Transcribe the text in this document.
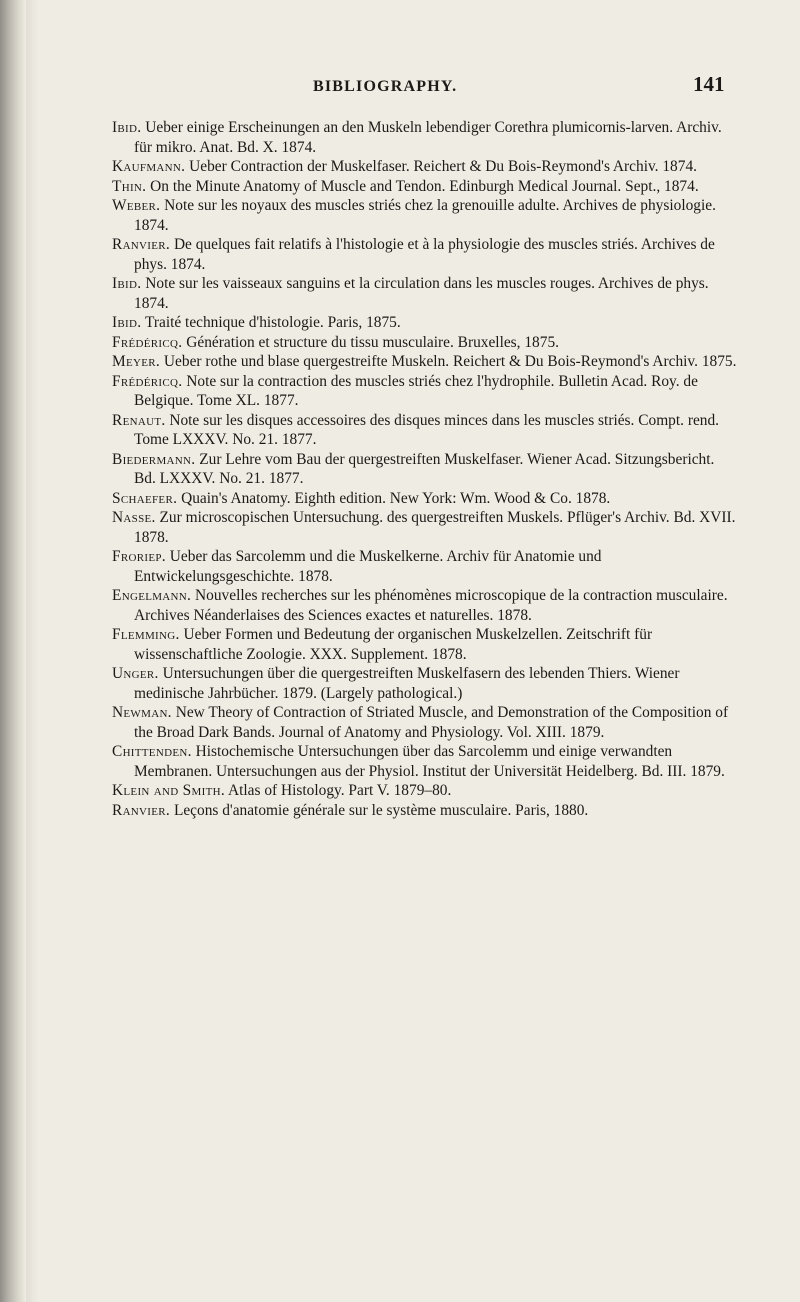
BIBLIOGRAPHY.	141

Ibid. Ueber einige Erscheinungen an den Muskeln lebendiger Corethra plumicornis-larven. Archiv. für mikro. Anat. Bd. X. 1874.

Kaufmann. Ueber Contraction der Muskelfaser. Reichert & Du Bois-Reymond's Archiv. 1874.

Thin. On the Minute Anatomy of Muscle and Tendon. Edinburgh Medical Journal. Sept., 1874.

Weber. Note sur les noyaux des muscles striés chez la grenouille adulte. Archives de physiologie. 1874.

Ranvier. De quelques fait relatifs à l'histologie et à la physiologie des muscles striés. Archives de phys. 1874.

Ibid. Note sur les vaisseaux sanguins et la circulation dans les muscles rouges. Archives de phys. 1874.

Ibid. Traité technique d'histologie. Paris, 1875.

Frédéricq. Génération et structure du tissu musculaire. Bruxelles, 1875.

Meyer. Ueber rothe und blase quergestreifte Muskeln. Reichert & Du Bois-Reymond's Archiv. 1875.

Frédéricq. Note sur la contraction des muscles striés chez l'hydrophile. Bulletin Acad. Roy. de Belgique. Tome XL. 1877.

Renaut. Note sur les disques accessoires des disques minces dans les muscles striés. Compt. rend. Tome LXXXV. No. 21. 1877.

Biedermann. Zur Lehre vom Bau der quergestreiften Muskelfaser. Wiener Acad. Sitzungsbericht. Bd. LXXXV. No. 21. 1877.

Schaefer. Quain's Anatomy. Eighth edition. New York: Wm. Wood & Co. 1878.

Nasse. Zur microscopischen Untersuchung. des quergestreiften Muskels. Pflüger's Archiv. Bd. XVII. 1878.

Froriep. Ueber das Sarcolemm und die Muskelkerne. Archiv für Anatomie und Entwickelungsgeschichte. 1878.

Engelmann. Nouvelles recherches sur les phénomènes microscopique de la contraction musculaire. Archives Néanderlaises des Sciences exactes et naturelles. 1878.

Flemming. Ueber Formen und Bedeutung der organischen Muskelzellen. Zeitschrift für wissenschaftliche Zoologie. XXX. Supplement. 1878.

Unger. Untersuchungen über die quergestreiften Muskelfasern des lebenden Thiers. Wiener medinische Jahrbücher. 1879. (Largely pathological.)

Newman. New Theory of Contraction of Striated Muscle, and Demonstration of the Composition of the Broad Dark Bands. Journal of Anatomy and Physiology. Vol. XIII. 1879.

Chittenden. Histochemische Untersuchungen über das Sarcolemm und einige verwandten Membranen. Untersuchungen aus der Physiol. Institut der Universität Heidelberg. Bd. III. 1879.

Klein and Smith. Atlas of Histology. Part V. 1879–80.

Ranvier. Leçons d'anatomie générale sur le système musculaire. Paris, 1880.
